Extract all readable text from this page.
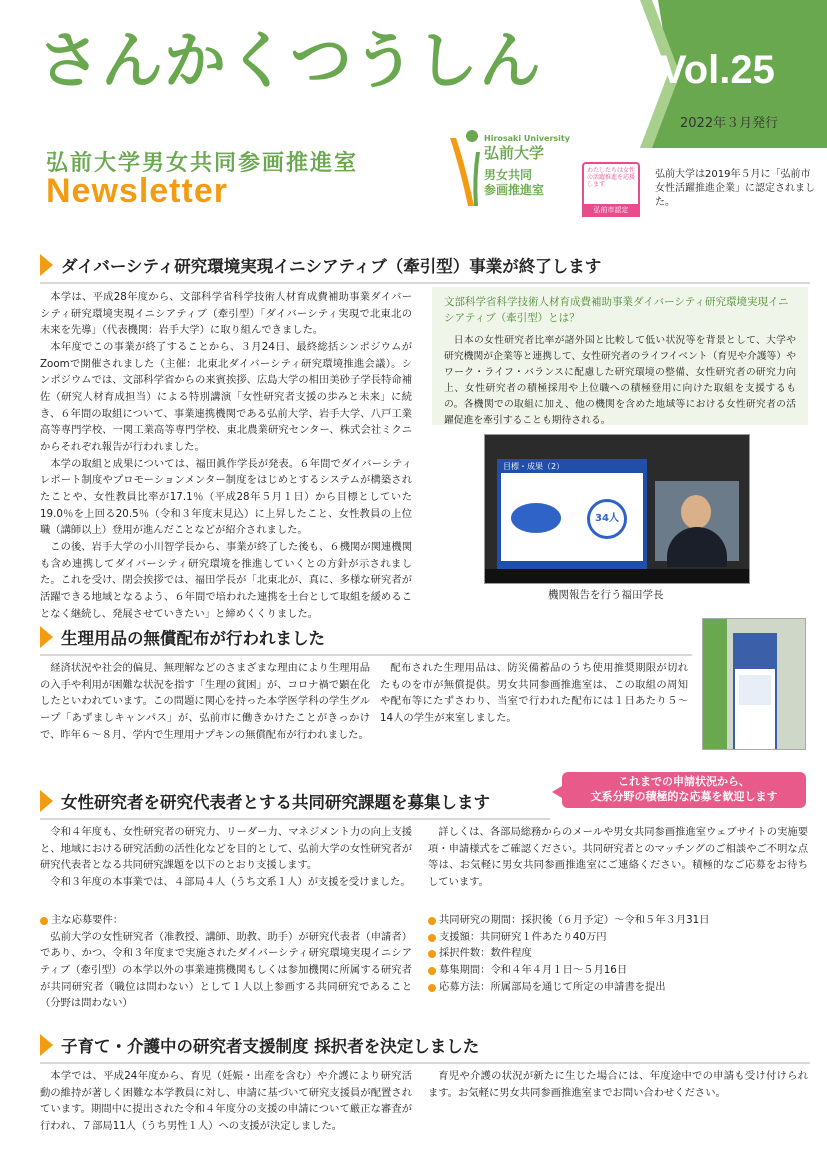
さんかくつうしん	Vol.25
2022年３月発行
弘前大学男女共同参画推進室
Newsletter
Hirosaki University
弘前大学
男女共同
参画推進室
わたしたちは女性の活躍推進を応援します
弘前市認定
弘前大学は2019年５月に「弘前市女性活躍推進企業」に認定されました。
ダイバーシティ研究環境実現イニシアティブ（牽引型）事業が終了します
本学は、平成28年度から、文部科学省科学技術人材育成費補助事業ダイバーシティ研究環境実現イニシアティブ（牽引型）「ダイバーシティ実現で北東北の未来を先導」（代表機関：岩手大学）に取り組んできました。
本年度でこの事業が終了することから、３月24日、最終総括シンポジウムがZoomで開催されました（主催：北東北ダイバーシティ研究環境推進会議）。シンポジウムでは、文部科学省からの来賓挨拶、広島大学の相田美砂子学長特命補佐（研究人材育成担当）による特別講演「女性研究者支援の歩みと未来」に続き、６年間の取組について、事業連携機関である弘前大学、岩手大学、八戸工業高等専門学校、一関工業高等専門学校、東北農業研究センター、株式会社ミクニからそれぞれ報告が行われました。
本学の取組と成果については、福田眞作学長が発表。６年間でダイバーシティレポート制度やプロモーションメンター制度をはじめとするシステムが構築されたことや、女性教員比率が17.1％（平成28年５月１日）から目標としていた19.0％を上回る20.5％（令和３年度末見込）に上昇したこと、女性教員の上位職（講師以上）登用が進んだことなどが紹介されました。
この後、岩手大学の小川智学長から、事業が終了した後も、６機関が関連機関も含め連携してダイバーシティ研究環境を推進していくとの方針が示されました。これを受け、閉会挨拶では、福田学長が「北東北が、真に、多様な研究者が活躍できる地域となるよう、６年間で培われた連携を土台として取組を緩めることなく継続し、発展させていきたい」と締めくくりました。
文部科学省科学技術人材育成費補助事業ダイバーシティ研究環境実現イニシアティブ（牽引型）とは？
日本の女性研究者比率が諸外国と比較して低い状況等を背景として、大学や研究機関が企業等と連携して、女性研究者のライフイベント（育児や介護等）やワーク・ライフ・バランスに配慮した研究環境の整備、女性研究者の研究力向上、女性研究者の積極採用や上位職への積極登用に向けた取組を支援するもの。各機関での取組に加え、他の機関を含めた地域等における女性研究者の活躍促進を牽引することも期待される。
目標・成果（2）
34人
機関報告を行う福田学長
生理用品の無償配布が行われました
経済状況や社会的偏見、無理解などのさまざまな理由により生理用品の入手や利用が困難な状況を指す「生理の貧困」が、コロナ禍で顕在化したといわれています。この問題に関心を持った本学医学科の学生グループ「あずましキャンパス」が、弘前市に働きかけたことがきっかけで、昨年６～８月、学内で生理用ナプキンの無償配布が行われました。
配布された生理用品は、防災備蓄品のうち使用推奨期限が切れたものを市が無償提供。男女共同参画推進室は、この取組の周知や配布等にたずさわり、当室で行われた配布には１日あたり５～14人の学生が来室しました。
女性研究者を研究代表者とする共同研究課題を募集します
これまでの申請状況から、
文系分野の積極的な応募を歓迎します
令和４年度も、女性研究者の研究力、リーダー力、マネジメント力の向上支援と、地域における研究活動の活性化などを目的として、弘前大学の女性研究者が研究代表者となる共同研究課題を以下のとおり支援します。
令和３年度の本事業では、４部局４人（うち文系１人）が支援を受けました。
詳しくは、各部局総務からのメールや男女共同参画推進室ウェブサイトの実施要項・申請様式をご確認ください。共同研究者とのマッチングのご相談やご不明な点等は、お気軽に男女共同参画推進室にご連絡ください。積極的なご応募をお待ちしています。
主な応募要件：
弘前大学の女性研究者（准教授、講師、助教、助手）が研究代表者（申請者）であり、かつ、令和３年度まで実施されたダイバーシティ研究環境実現イニシアティブ（牽引型）の本学以外の事業連携機関もしくは参加機関に所属する研究者が共同研究者（職位は問わない）として１人以上参画する共同研究であること（分野は問わない）
共同研究の期間：採択後（６月予定）～令和５年３月31日
支援額：共同研究１件あたり40万円
採択件数：数件程度
募集期間：令和４年４月１日～５月16日
応募方法：所属部局を通じて所定の申請書を提出
子育て・介護中の研究者支援制度 採択者を決定しました
本学では、平成24年度から、育児（妊娠・出産を含む）や介護により研究活動の維持が著しく困難な本学教員に対し、申請に基づいて研究支援員が配置されています。期間中に提出された令和４年度分の支援の申請について厳正な審査が行われ、７部局11人（うち男性１人）への支援が決定しました。
育児や介護の状況が新たに生じた場合には、年度途中での申請も受け付けられます。お気軽に男女共同参画推進室までお問い合わせください。
